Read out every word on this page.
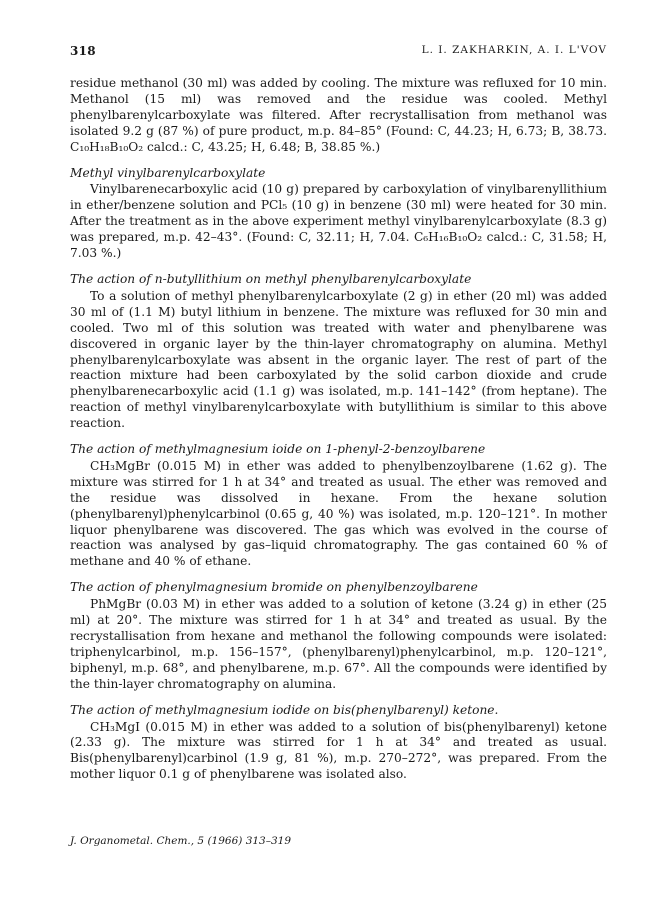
318	L. I. ZAKHARKIN, A. I. L'VOV

residue methanol (30 ml) was added by cooling. The mixture was refluxed for 10 min. Methanol (15 ml) was removed and the residue was cooled. Methyl phenylbarenylcarboxylate was filtered. After recrystallisation from methanol was isolated 9.2 g (87 %) of pure product, m.p. 84–85° (Found: C, 44.23; H, 6.73; B, 38.73. C₁₀H₁₈B₁₀O₂ calcd.: C, 43.25; H, 6.48; B, 38.85 %.)

Methyl vinylbarenylcarboxylate

Vinylbarenecarboxylic acid (10 g) prepared by carboxylation of vinylbarenyllithium in ether/benzene solution and PCl₅ (10 g) in benzene (30 ml) were heated for 30 min. After the treatment as in the above experiment methyl vinylbarenylcarboxylate (8.3 g) was prepared, m.p. 42–43°. (Found: C, 32.11; H, 7.04. C₆H₁₆B₁₀O₂ calcd.: C, 31.58; H, 7.03 %.)

The action of n-butyllithium on methyl phenylbarenylcarboxylate

To a solution of methyl phenylbarenylcarboxylate (2 g) in ether (20 ml) was added 30 ml of (1.1 M) butyl lithium in benzene. The mixture was refluxed for 30 min and cooled. Two ml of this solution was treated with water and phenylbarene was discovered in organic layer by the thin-layer chromatography on alumina. Methyl phenylbarenylcarboxylate was absent in the organic layer. The rest of part of the reaction mixture had been carboxylated by the solid carbon dioxide and crude phenylbarenecarboxylic acid (1.1 g) was isolated, m.p. 141–142° (from heptane). The reaction of methyl vinylbarenylcarboxylate with butyllithium is similar to this above reaction.

The action of methylmagnesium ioide on 1-phenyl-2-benzoylbarene

CH₃MgBr (0.015 M) in ether was added to phenylbenzoylbarene (1.62 g). The mixture was stirred for 1 h at 34° and treated as usual. The ether was removed and the residue was dissolved in hexane. From the hexane solution (phenylbarenyl)phenylcarbinol (0.65 g, 40 %) was isolated, m.p. 120–121°. In mother liquor phenylbarene was discovered. The gas which was evolved in the course of reaction was analysed by gas–liquid chromatography. The gas contained 60 % of methane and 40 % of ethane.

The action of phenylmagnesium bromide on phenylbenzoylbarene

PhMgBr (0.03 M) in ether was added to a solution of ketone (3.24 g) in ether (25 ml) at 20°. The mixture was stirred for 1 h at 34° and treated as usual. By the recrystallisation from hexane and methanol the following compounds were isolated: triphenylcarbinol, m.p. 156–157°, (phenylbarenyl)phenylcarbinol, m.p. 120–121°, biphenyl, m.p. 68°, and phenylbarene, m.p. 67°. All the compounds were identified by the thin-layer chromatography on alumina.

The action of methylmagnesium iodide on bis(phenylbarenyl) ketone.

CH₃MgI (0.015 M) in ether was added to a solution of bis(phenylbarenyl) ketone (2.33 g). The mixture was stirred for 1 h at 34° and treated as usual. Bis(phenylbarenyl)carbinol (1.9 g, 81 %), m.p. 270–272°, was prepared. From the mother liquor 0.1 g of phenylbarene was isolated also.

J. Organometal. Chem., 5 (1966) 313–319
